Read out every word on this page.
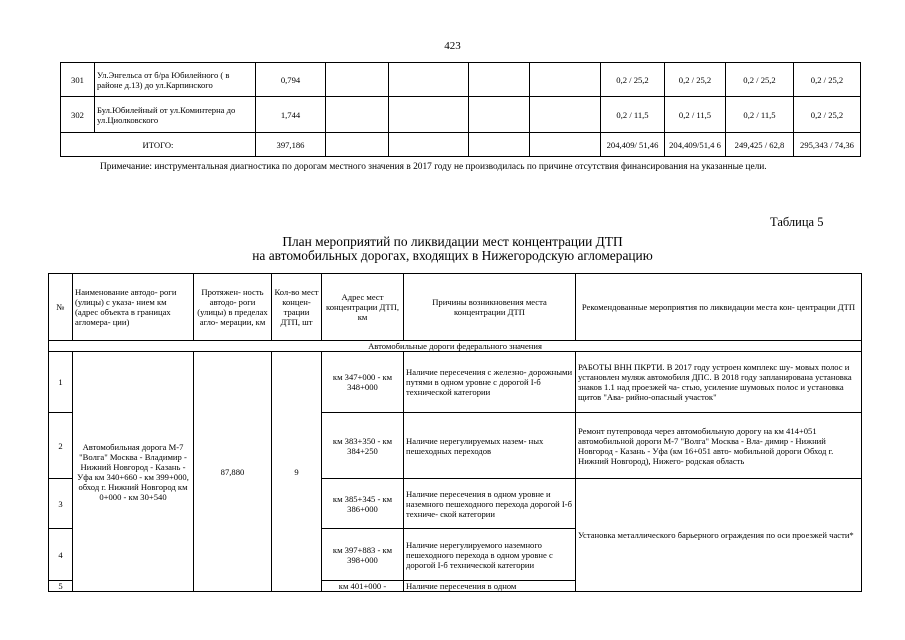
423
301	Ул.Энгельса от б/ра Юбилейного ( в районе д.13) до ул.Карпинского	0,794					0,2 / 25,2	0,2 / 25,2	0,2 / 25,2	0,2 / 25,2
302	Бул.Юбилейный от ул.Коминтерна до ул.Циолковского	1,744					0,2 / 11,5	0,2 / 11,5	0,2 / 11,5	0,2 / 25,2
ИТОГО:		397,186					204,409/ 51,46	204,409/51,4 6	249,425 / 62,8	295,343 / 74,36
Примечание: инструментальная диагностика по дорогам местного значения в 2017 году не производилась по причине отсутствия финансирования на указанные цели.
Таблица 5
План мероприятий по ликвидации мест концентрации ДТП
на автомобильных дорогах, входящих в Нижегородскую агломерацию
№	Наименование автодо- роги (улицы) с указа- нием км (адрес объекта в границах агломера- ции)	Протяжен- ность автодо- роги (улицы) в пределах агло- мерации, км	Кол-во мест концен- трации ДТП, шт	Адрес мест концентрации ДТП, км	Причины возникновения места концентрации ДТП	Рекомендованные мероприятия по ликвидации места кон- центрации ДТП
Автомобильные дороги федерального значения						
1	Автомобильная дорога М-7 "Волга" Москва - Владимир - Нижний Новгород - Казань - Уфа км 340+660 - км 399+000, обход г. Нижний Новгород км 0+000 - км 30+540	87,880	9	км 347+000 - км 348+000	Наличие пересечения с железно- дорожными путями в одном уровне с дорогой I-б технической категории	РАБОТЫ ВНН ПКРТИ. В 2017 году устроен комплекс шу- мовых полос и установлен муляж автомобиля ДПС. В 2018 году запланирована установка знаков 1.1 над проезжей ча- стью, усиление шумовых полос и установка щитов "Ава- рийно-опасный участок"
2				км 383+350 - км 384+250	Наличие нерегулируемых назем- ных пешеходных переходов	Ремонт путепровода через автомобильную дорогу на км 414+051 автомобильной дороги М-7 "Волга" Москва - Вла- димир - Нижний Новгород - Казань - Уфа (км 16+051 авто- мобильной дороги Обход г. Нижний Новгород), Нижего- родская область
3				км 385+345 - км 386+000	Наличие пересечения в одном уровне и наземного пешеходного перехода дорогой I-б техниче- ской категории	Установка металлического барьерного ограждения по оси проезжей части*
4				км 397+883 - км 398+000	Наличие нерегулируемого наземного пешеходного перехода в одном уровне с дорогой I-б технической категории	
5				км 401+000 -	Наличие пересечения в одном	
